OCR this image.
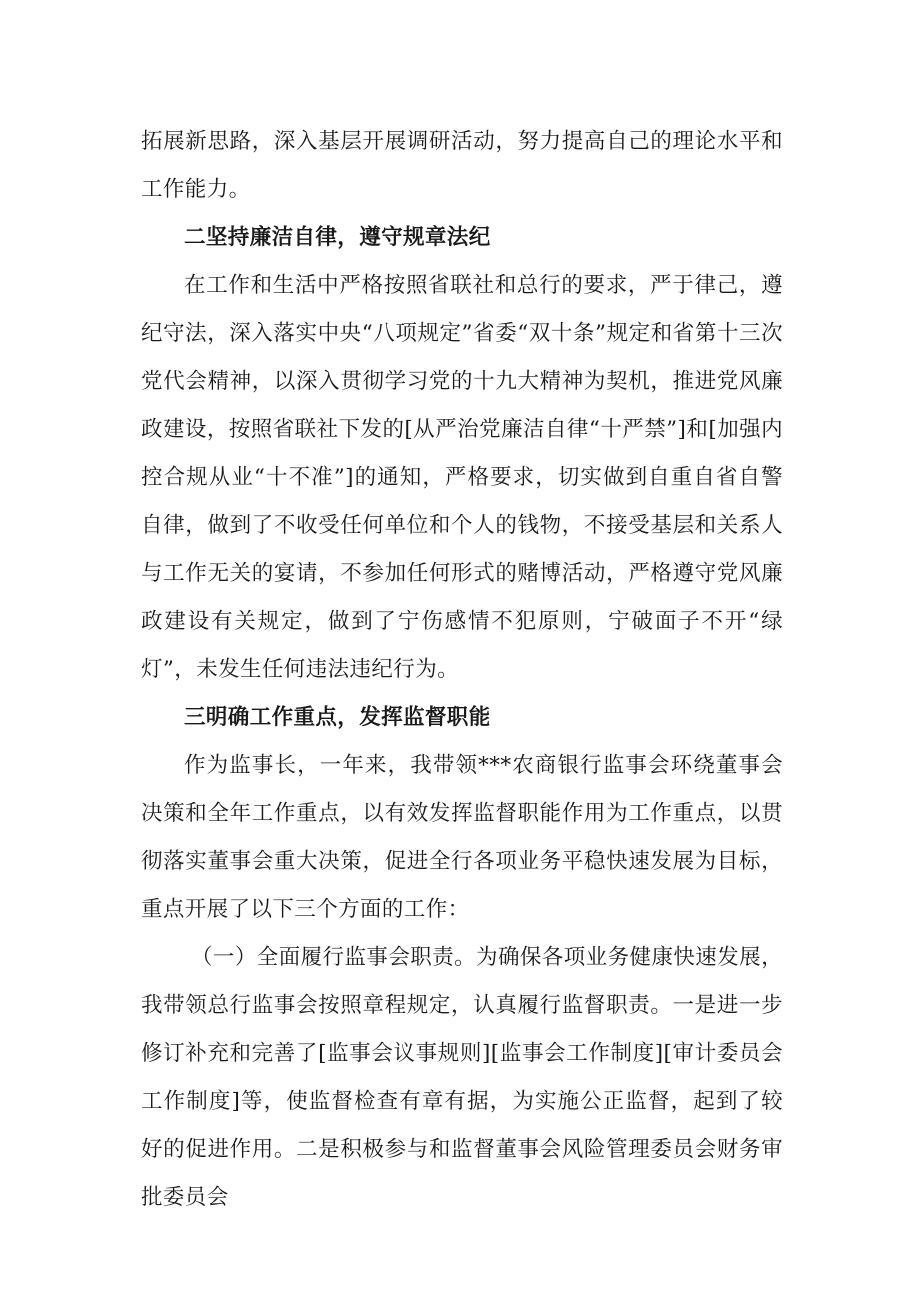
拓展新思路，深入基层开展调研活动，努力提高自己的理论水平和工作能力。

二坚持廉洁自律，遵守规章法纪

在工作和生活中严格按照省联社和总行的要求，严于律己，遵纪守法，深入落实中央“八项规定”省委“双十条”规定和省第十三次党代会精神，以深入贯彻学习党的十九大精神为契机，推进党风廉政建设，按照省联社下发的[从严治党廉洁自律“十严禁”]和[加强内控合规从业“十不准”]的通知，严格要求，切实做到自重自省自警自律，做到了不收受任何单位和个人的钱物，不接受基层和关系人与工作无关的宴请，不参加任何形式的赌博活动，严格遵守党风廉政建设有关规定，做到了宁伤感情不犯原则，宁破面子不开“绿灯”，未发生任何违法违纪行为。

三明确工作重点，发挥监督职能

作为监事长，一年来，我带领***农商银行监事会环绕董事会决策和全年工作重点，以有效发挥监督职能作用为工作重点，以贯彻落实董事会重大决策，促进全行各项业务平稳快速发展为目标，重点开展了以下三个方面的工作：

（一）全面履行监事会职责。为确保各项业务健康快速发展，我带领总行监事会按照章程规定，认真履行监督职责。一是进一步修订补充和完善了[监事会议事规则][监事会工作制度][审计委员会工作制度]等，使监督检查有章有据，为实施公正监督，起到了较好的促进作用。二是积极参与和监督董事会风险管理委员会财务审批委员会
